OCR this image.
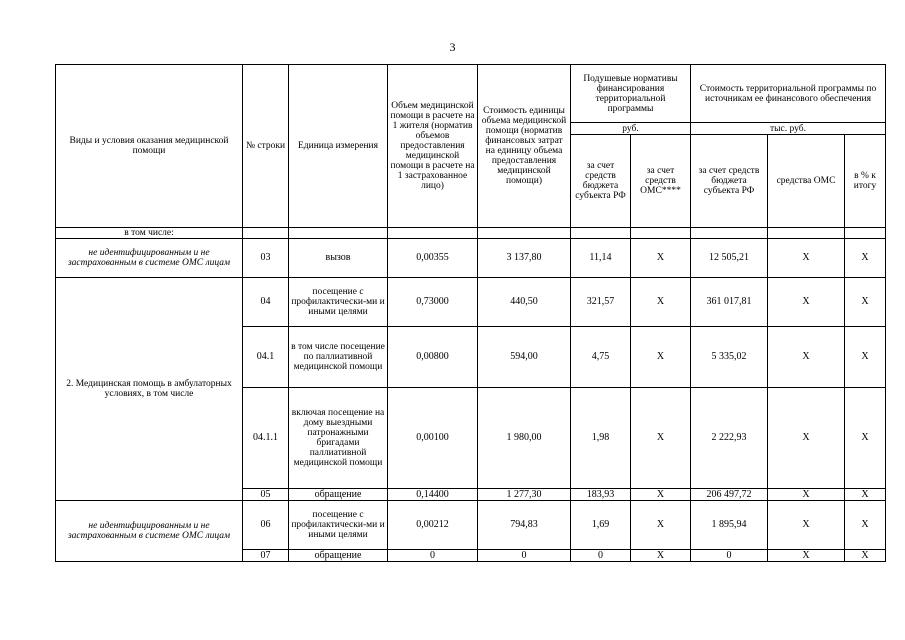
3
Виды и условия оказания медицинской помощи	№ строки	Единица измерения	Объем медицинской помощи в расчете на 1 жителя (норматив объемов предоставления медицинской помощи в расчете на 1 застрахованное лицо)	Стоимость единицы объема медицинской помощи (норматив финансовых затрат на единицу объема предоставления медицинской помощи)	Подушевые нормативы финансирования территориальной программы		Стоимость территориальной программы по источникам ее финансового обеспечения		
					руб.		тыс. руб.		
					за счет средств бюджета субъекта РФ	за счет средств ОМС****	за счет средств бюджета субъекта РФ	средства ОМС	в % к итогу
в том числе:									
не идентифицированным и не застрахованным в системе ОМС лицам	03	вызов	0,00355	3 137,80	11,14	X	12 505,21	X	X
2. Медицинская помощь в амбулаторных условиях, в том числе	04	посещение с профилактически-ми и иными целями	0,73000	440,50	321,57	X	361 017,81	X	X
	04.1	в том числе посещение по паллиативной медицинской помощи	0,00800	594,00	4,75	X	5 335,02	X	X
	04.1.1	включая посещение на дому выездными патронажными бригадами паллиативной медицинской помощи	0,00100	1 980,00	1,98	X	2 222,93	X	X
	05	обращение	0,14400	1 277,30	183,93	X	206 497,72	X	X
не идентифицированным и не застрахованным в системе ОМС лицам	06	посещение с профилактически-ми и иными целями	0,00212	794,83	1,69	X	1 895,94	X	X
	07	обращение	0	0	0	X	0	X	X
